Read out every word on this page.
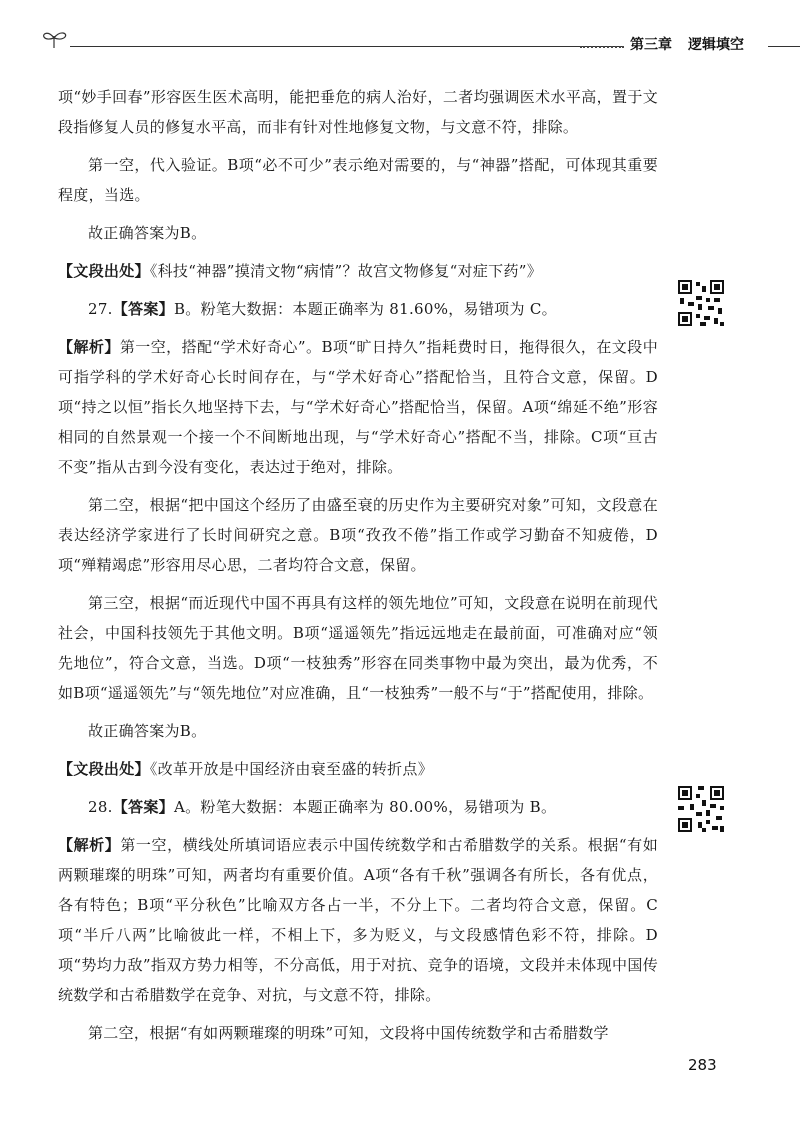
第三章 逻辑填空

项“妙手回春”形容医生医术高明，能把垂危的病人治好，二者均强调医术水平高，置于文段指修复人员的修复水平高，而非有针对性地修复文物，与文意不符，排除。

第一空，代入验证。B项“必不可少”表示绝对需要的，与“神器”搭配，可体现其重要程度，当选。

故正确答案为B。

【文段出处】《科技“神器”摸清文物“病情”？故宫文物修复“对症下药”》

27.【答案】B。粉笔大数据：本题正确率为 81.60%，易错项为 C。

【解析】第一空，搭配“学术好奇心”。B项“旷日持久”指耗费时日，拖得很久，在文段中可指学科的学术好奇心长时间存在，与“学术好奇心”搭配恰当，且符合文意，保留。D项“持之以恒”指长久地坚持下去，与“学术好奇心”搭配恰当，保留。A项“绵延不绝”形容相同的自然景观一个接一个不间断地出现，与“学术好奇心”搭配不当，排除。C项“亘古不变”指从古到今没有变化，表达过于绝对，排除。

第二空，根据“把中国这个经历了由盛至衰的历史作为主要研究对象”可知，文段意在表达经济学家进行了长时间研究之意。B项“孜孜不倦”指工作或学习勤奋不知疲倦，D项“殚精竭虑”形容用尽心思，二者均符合文意，保留。

第三空，根据“而近现代中国不再具有这样的领先地位”可知，文段意在说明在前现代社会，中国科技领先于其他文明。B项“遥遥领先”指远远地走在最前面，可准确对应“领先地位”，符合文意，当选。D项“一枝独秀”形容在同类事物中最为突出，最为优秀，不如B项“遥遥领先”与“领先地位”对应准确，且“一枝独秀”一般不与“于”搭配使用，排除。

故正确答案为B。

【文段出处】《改革开放是中国经济由衰至盛的转折点》

28.【答案】A。粉笔大数据：本题正确率为 80.00%，易错项为 B。

【解析】第一空，横线处所填词语应表示中国传统数学和古希腊数学的关系。根据“有如两颗璀璨的明珠”可知，两者均有重要价值。A项“各有千秋”强调各有所长，各有优点，各有特色；B项“平分秋色”比喻双方各占一半，不分上下。二者均符合文意，保留。C项“半斤八两”比喻彼此一样，不相上下，多为贬义，与文段感情色彩不符，排除。D项“势均力敌”指双方势力相等，不分高低，用于对抗、竞争的语境，文段并未体现中国传统数学和古希腊数学在竞争、对抗，与文意不符，排除。

第二空，根据“有如两颗璀璨的明珠”可知，文段将中国传统数学和古希腊数学

283
